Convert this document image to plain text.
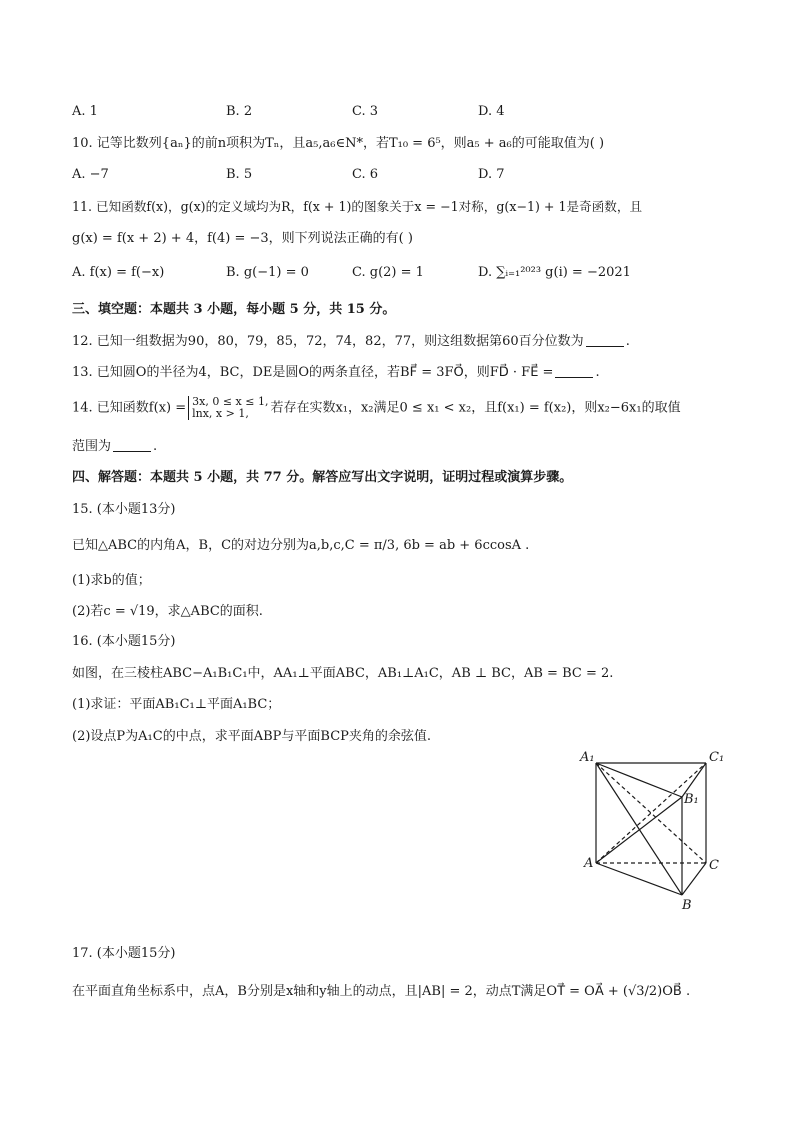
A. 1	B. 2	C. 3	D. 4
10. 记等比数列{aₙ}的前n项积为Tₙ，且a₅,a₆∈N*，若T₁₀ = 6⁵，则a₅ + a₆的可能取值为( )
A. −7	B. 5	C. 6	D. 7
11. 已知函数f(x)，g(x)的定义域均为R，f(x + 1)的图象关于x = −1对称，g(x−1) + 1是奇函数，且
g(x) = f(x + 2) + 4，f(4) = −3，则下列说法正确的有( )
A. f(x) = f(−x)	B. g(−1) = 0	C. g(2) = 1	D. ∑ᵢ₌₁²⁰²³ g(i) = −2021
三、填空题：本题共 3 小题，每小题 5 分，共 15 分。
12. 已知一组数据为90，80，79，85，72，74，82，77，则这组数据第60百分位数为	.
13. 已知圆O的半径为4，BC，DE是圆O的两条直径，若BF⃗ = 3FO⃗，则FD⃗ · FE⃗ =	.
14. 已知函数f(x) = 3x, 0 ≤ x ≤ 1,
lnx, x > 1,	若存在实数x₁，x₂满足0 ≤ x₁ < x₂，且f(x₁) = f(x₂)，则x₂−6x₁的取值
范围为	.
四、解答题：本题共 5 小题，共 77 分。解答应写出文字说明，证明过程或演算步骤。
15. (本小题13分)
已知△ABC的内角A，B，C的对边分别为a,b,c,C = π/3, 6b = ab + 6ccosA .
(1)求b的值；
(2)若c = √19，求△ABC的面积.
16. (本小题15分)
如图，在三棱柱ABC−A₁B₁C₁中，AA₁⊥平面ABC，AB₁⊥A₁C，AB ⊥ BC，AB = BC = 2.
(1)求证：平面AB₁C₁⊥平面A₁BC；
(2)设点P为A₁C的中点，求平面ABP与平面BCP夹角的余弦值.
A₁	C₁
B₁
A	C
B
17. (本小题15分)
在平面直角坐标系中，点A，B分别是x轴和y轴上的动点，且|AB| = 2，动点T满足OT⃗ = OA⃗ + (√3/2)OB⃗ .
